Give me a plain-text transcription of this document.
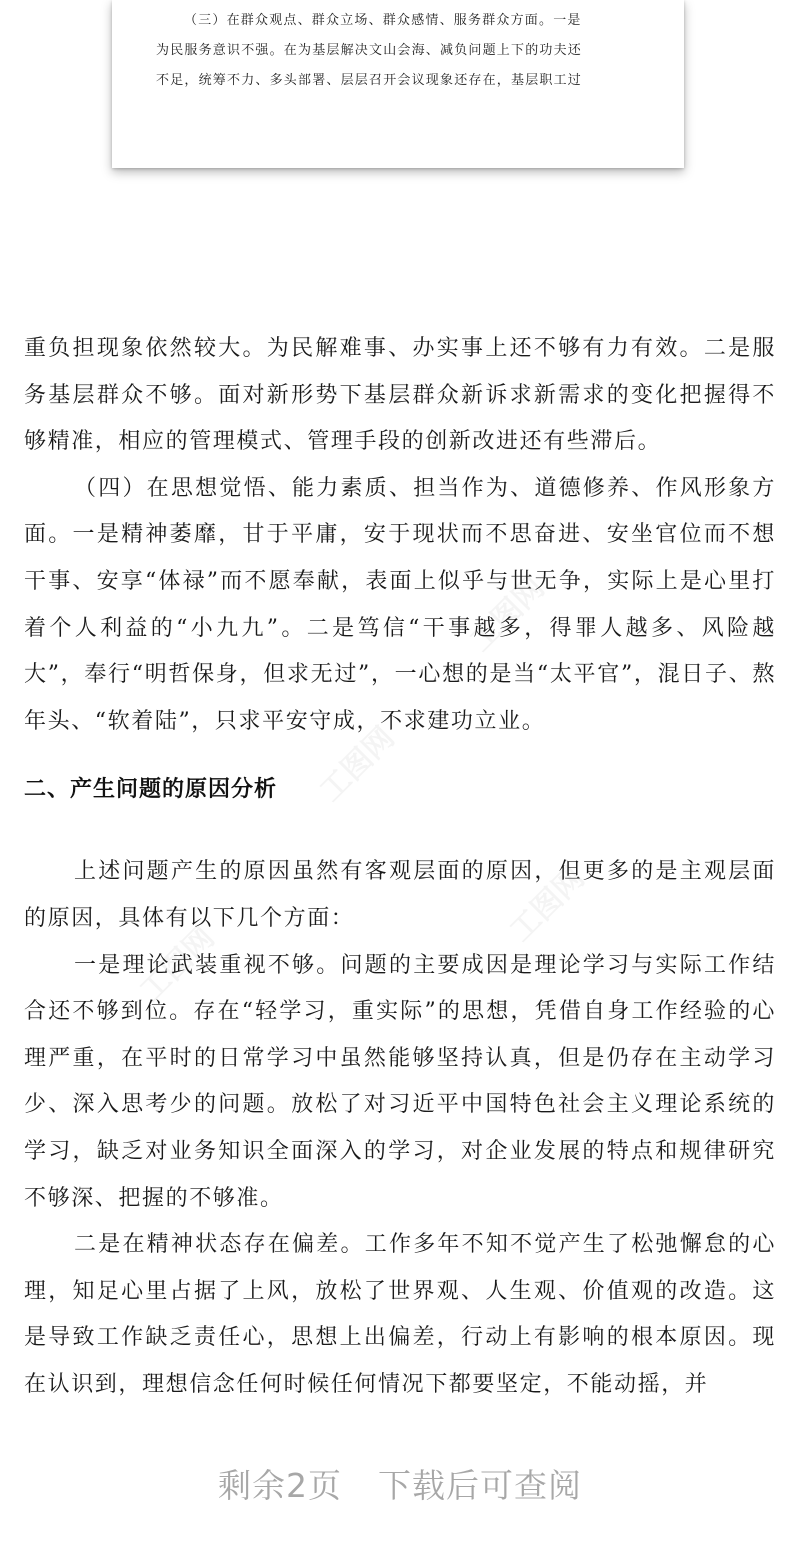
（三）在群众观点、群众立场、群众感情、服务群众方面。一是

为民服务意识不强。在为基层解决文山会海、减负问题上下的功夫还

不足，统筹不力、多头部署、层层召开会议现象还存在，基层职工过

重负担现象依然较大。为民解难事、办实事上还不够有力有效。二是服务基层群众不够。面对新形势下基层群众新诉求新需求的变化把握得不够精准，相应的管理模式、管理手段的创新改进还有些滞后。

（四）在思想觉悟、能力素质、担当作为、道德修养、作风形象方面。一是精神萎靡，甘于平庸，安于现状而不思奋进、安坐官位而不想干事、安享“体禄”而不愿奉献，表面上似乎与世无争，实际上是心里打着个人利益的“小九九”。二是笃信“干事越多，得罪人越多、风险越大”，奉行“明哲保身，但求无过”，一心想的是当“太平官”，混日子、熬年头、“软着陆”，只求平安守成，不求建功立业。

二、产生问题的原因分析

上述问题产生的原因虽然有客观层面的原因，但更多的是主观层面的原因，具体有以下几个方面：

一是理论武装重视不够。问题的主要成因是理论学习与实际工作结合还不够到位。存在“轻学习，重实际”的思想，凭借自身工作经验的心理严重，在平时的日常学习中虽然能够坚持认真，但是仍存在主动学习少、深入思考少的问题。放松了对习近平中国特色社会主义理论系统的学习，缺乏对业务知识全面深入的学习，对企业发展的特点和规律研究不够深、把握的不够准。

二是在精神状态存在偏差。工作多年不知不觉产生了松弛懈怠的心理，知足心里占据了上风，放松了世界观、人生观、价值观的改造。这是导致工作缺乏责任心，思想上出偏差，行动上有影响的根本原因。现在认识到，理想信念任何时候任何情况下都要坚定，不能动摇，并

剩余2页 下载后可查阅
